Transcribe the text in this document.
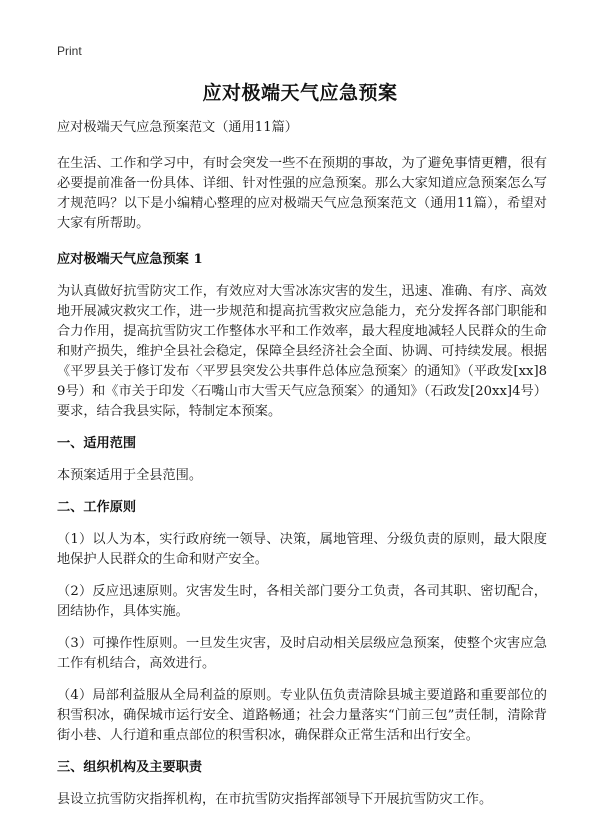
Print
应对极端天气应急预案

应对极端天气应急预案范文（通用11篇）

在生活、工作和学习中，有时会突发一些不在预期的事故，为了避免事情更糟，很有必要提前准备一份具体、详细、针对性强的应急预案。那么大家知道应急预案怎么写才规范吗？以下是小编精心整理的应对极端天气应急预案范文（通用11篇），希望对大家有所帮助。

应对极端天气应急预案 1

为认真做好抗雪防灾工作，有效应对大雪冰冻灾害的发生，迅速、准确、有序、高效地开展减灾救灾工作，进一步规范和提高抗雪救灾应急能力，充分发挥各部门职能和合力作用，提高抗雪防灾工作整体水平和工作效率，最大程度地减轻人民群众的生命和财产损失，维护全县社会稳定，保障全县经济社会全面、协调、可持续发展。根据《平罗县关于修订发布〈平罗县突发公共事件总体应急预案〉的通知》（平政发[xx]89号）和《市关于印发〈石嘴山市大雪天气应急预案〉的通知》（石政发[20xx]4号）要求，结合我县实际，特制定本预案。

一、适用范围

本预案适用于全县范围。

二、工作原则

（1）以人为本，实行政府统一领导、决策，属地管理、分级负责的原则，最大限度地保护人民群众的生命和财产安全。

（2）反应迅速原则。灾害发生时，各相关部门要分工负责，各司其职、密切配合，团结协作，具体实施。

（3）可操作性原则。一旦发生灾害，及时启动相关层级应急预案，使整个灾害应急工作有机结合，高效进行。

（4）局部利益服从全局利益的原则。专业队伍负责清除县城主要道路和重要部位的积雪积冰，确保城市运行安全、道路畅通；社会力量落实“门前三包”责任制，清除背街小巷、人行道和重点部位的积雪积冰，确保群众正常生活和出行安全。

三、组织机构及主要职责

县设立抗雪防灾指挥机构，在市抗雪防灾指挥部领导下开展抗雪防灾工作。
